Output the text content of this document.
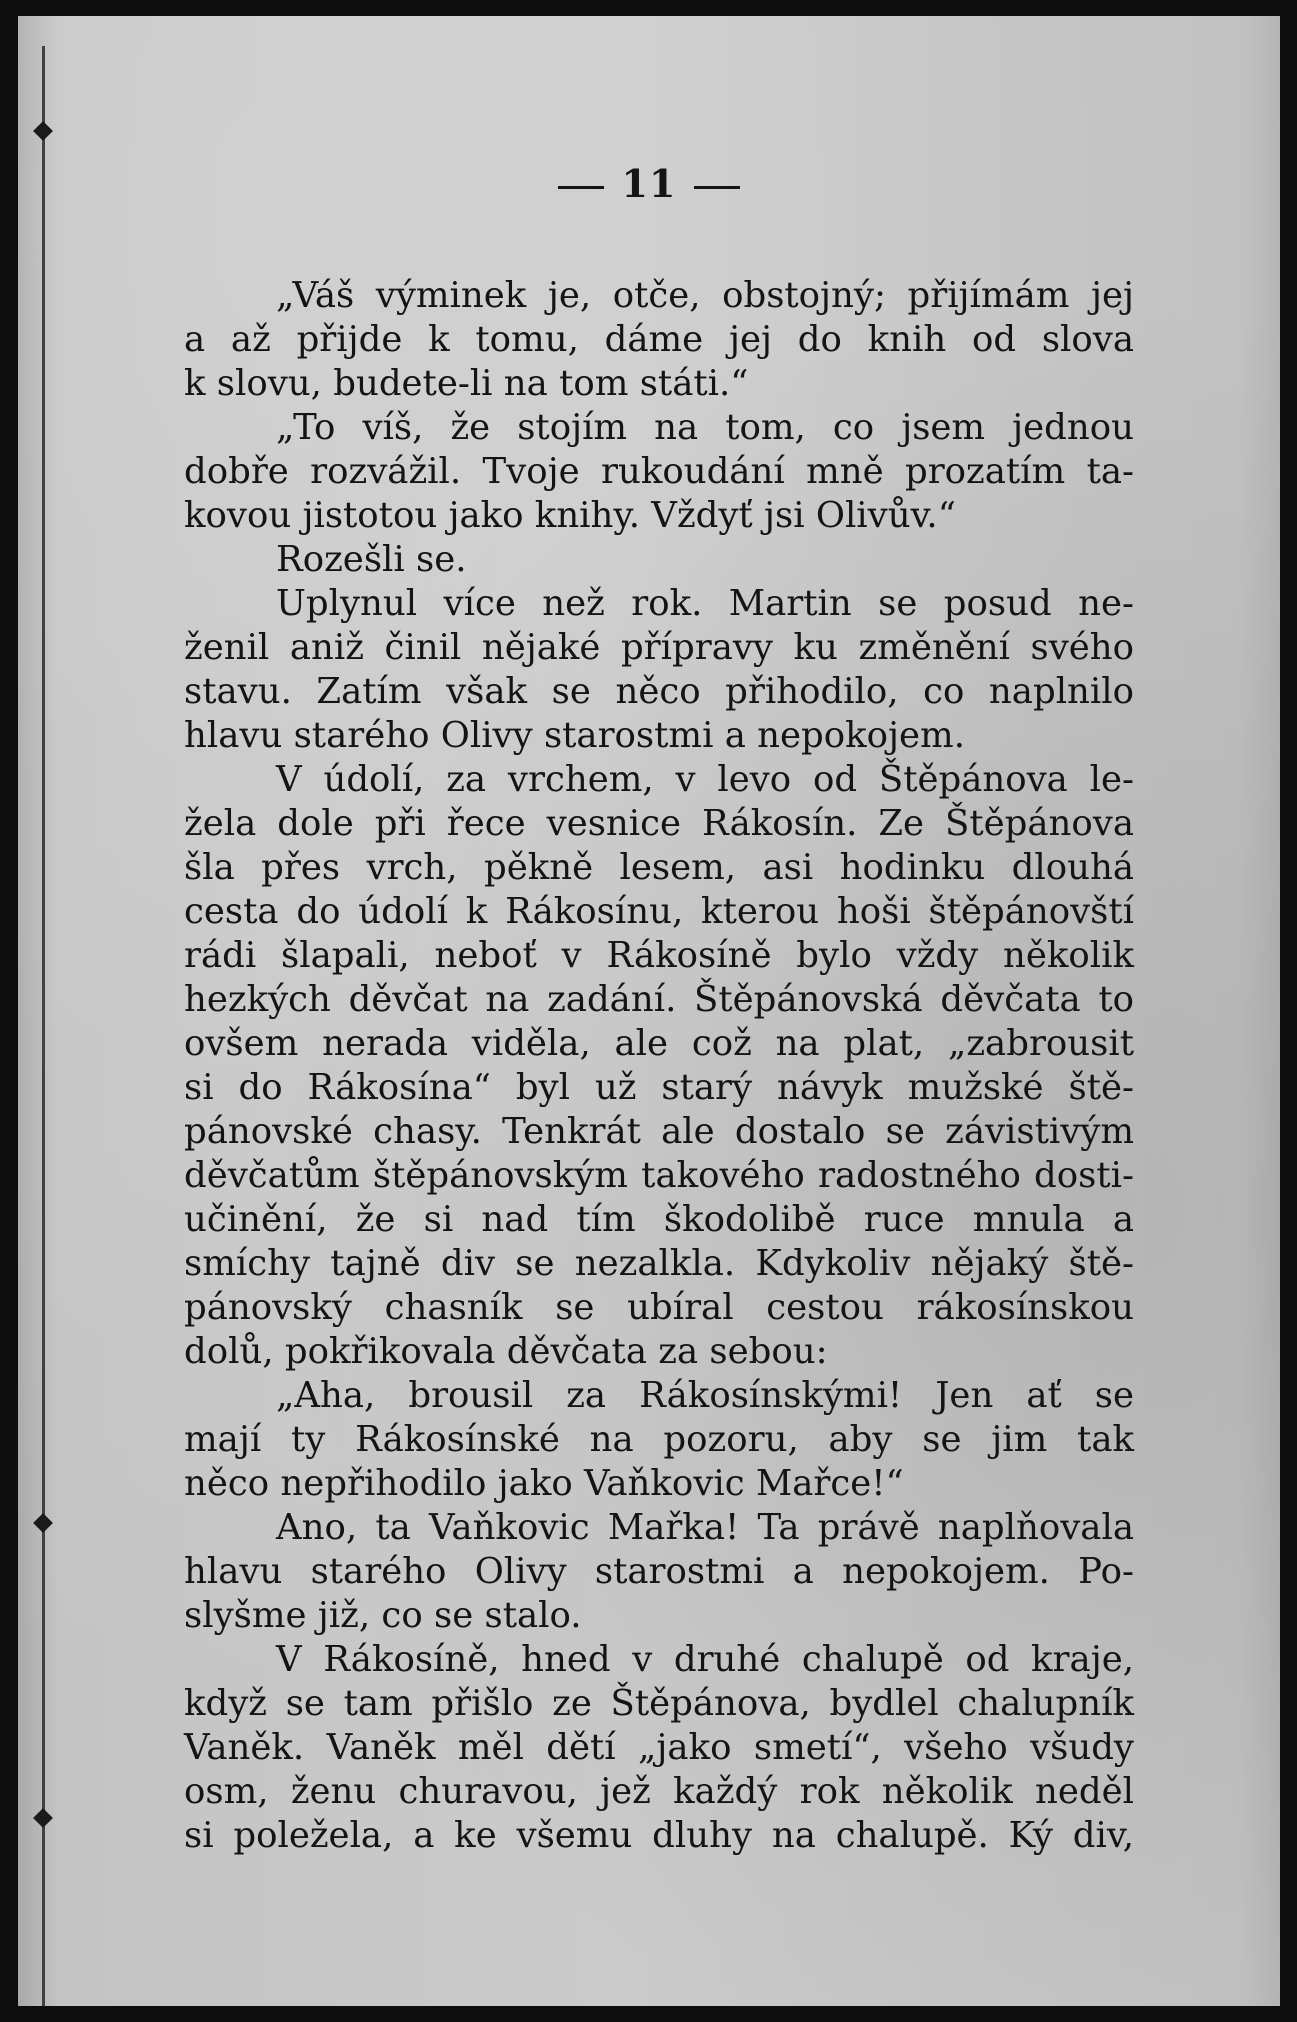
11
„Váš výminek je, otče, obstojný; přijímám jej
a až přijde k tomu, dáme jej do knih od slova
k slovu, budete-li na tom státi.“
„To víš, že stojím na tom, co jsem jednou
dobře rozvážil. Tvoje rukoudání mně prozatím ta-
kovou jistotou jako knihy. Vždyť jsi Olivův.“
Rozešli se.
Uplynul více než rok. Martin se posud ne-
ženil aniž činil nějaké přípravy ku změnění svého
stavu. Zatím však se něco přihodilo, co naplnilo
hlavu starého Olivy starostmi a nepokojem.
V údolí, za vrchem, v levo od Štěpánova le-
žela dole při řece vesnice Rákosín. Ze Štěpánova
šla přes vrch, pěkně lesem, asi hodinku dlouhá
cesta do údolí k Rákosínu, kterou hoši štěpánovští
rádi šlapali, neboť v Rákosíně bylo vždy několik
hezkých děvčat na zadání. Štěpánovská děvčata to
ovšem nerada viděla, ale což na plat, „zabrousit
si do Rákosína“ byl už starý návyk mužské ště-
pánovské chasy. Tenkrát ale dostalo se závistivým
děvčatům štěpánovským takového radostného dosti-
učinění, že si nad tím škodolibě ruce mnula a
smíchy tajně div se nezalkla. Kdykoliv nějaký ště-
pánovský chasník se ubíral cestou rákosínskou
dolů, pokřikovala děvčata za sebou:
„Aha, brousil za Rákosínskými! Jen ať se
mají ty Rákosínské na pozoru, aby se jim tak
něco nepřihodilo jako Vaňkovic Mařce!“
Ano, ta Vaňkovic Mařka! Ta právě naplňovala
hlavu starého Olivy starostmi a nepokojem. Po-
slyšme již, co se stalo.
V Rákosíně, hned v druhé chalupě od kraje,
když se tam přišlo ze Štěpánova, bydlel chalupník
Vaněk. Vaněk měl dětí „jako smetí“, všeho všudy
osm, ženu churavou, jež každý rok několik neděl
si poležela, a ke všemu dluhy na chalupě. Ký div,
